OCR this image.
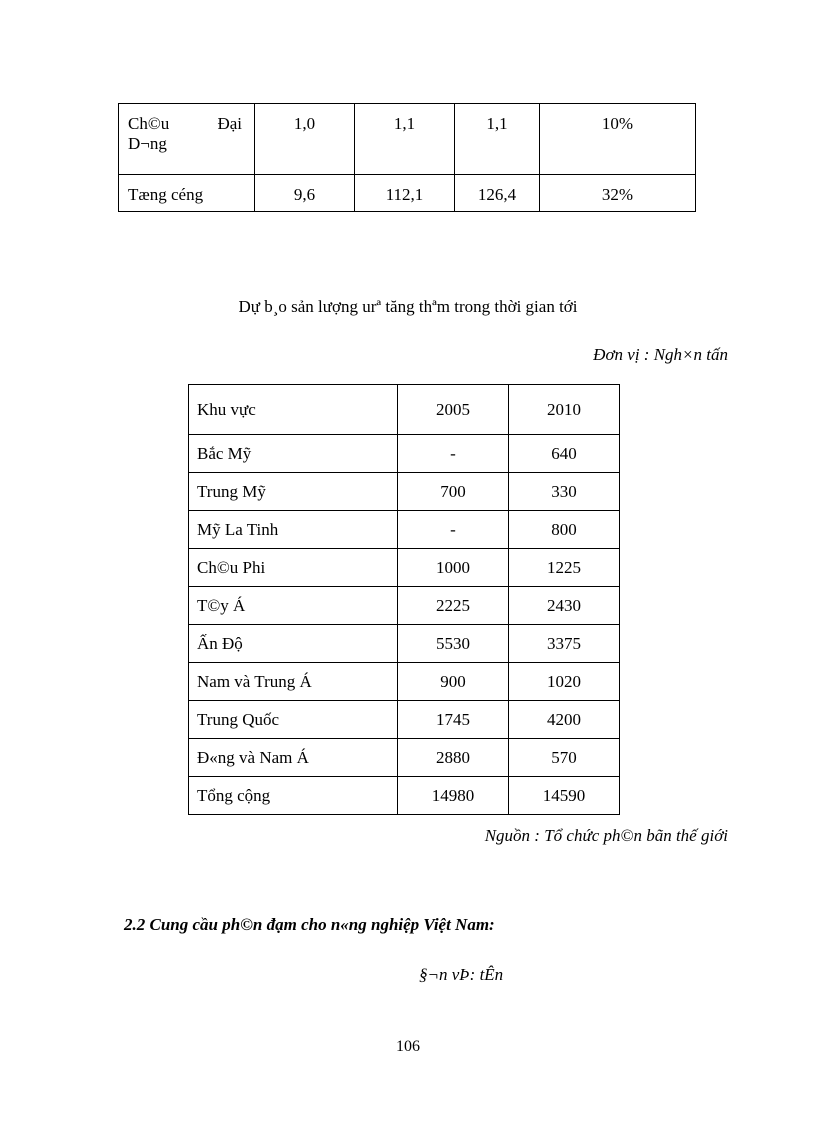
Ch©u Đại
D¬ng	1,0	1,1	1,1	10%
Tæng céng	9,6	112,1	126,4	32%
Dự b¸o sản lượng urª tăng thªm trong thời gian tới
Đơn vị : Ngh×n tấn
Khu vực	2005	2010
Bắc Mỹ	-	640
Trung Mỹ	700	330
Mỹ La Tinh	-	800
Ch©u Phi	1000	1225
T©y Á	2225	2430
Ấn Độ	5530	3375
Nam và Trung Á	900	1020
Trung Quốc	1745	4200
Đ«ng và Nam Á	2880	570
Tổng cộng	14980	14590
Nguồn : Tổ chức ph©n bãn thế giới
2.2 Cung cầu ph©n đạm cho n«ng nghiệp Việt Nam:
§¬n vÞ: tÊn
106
